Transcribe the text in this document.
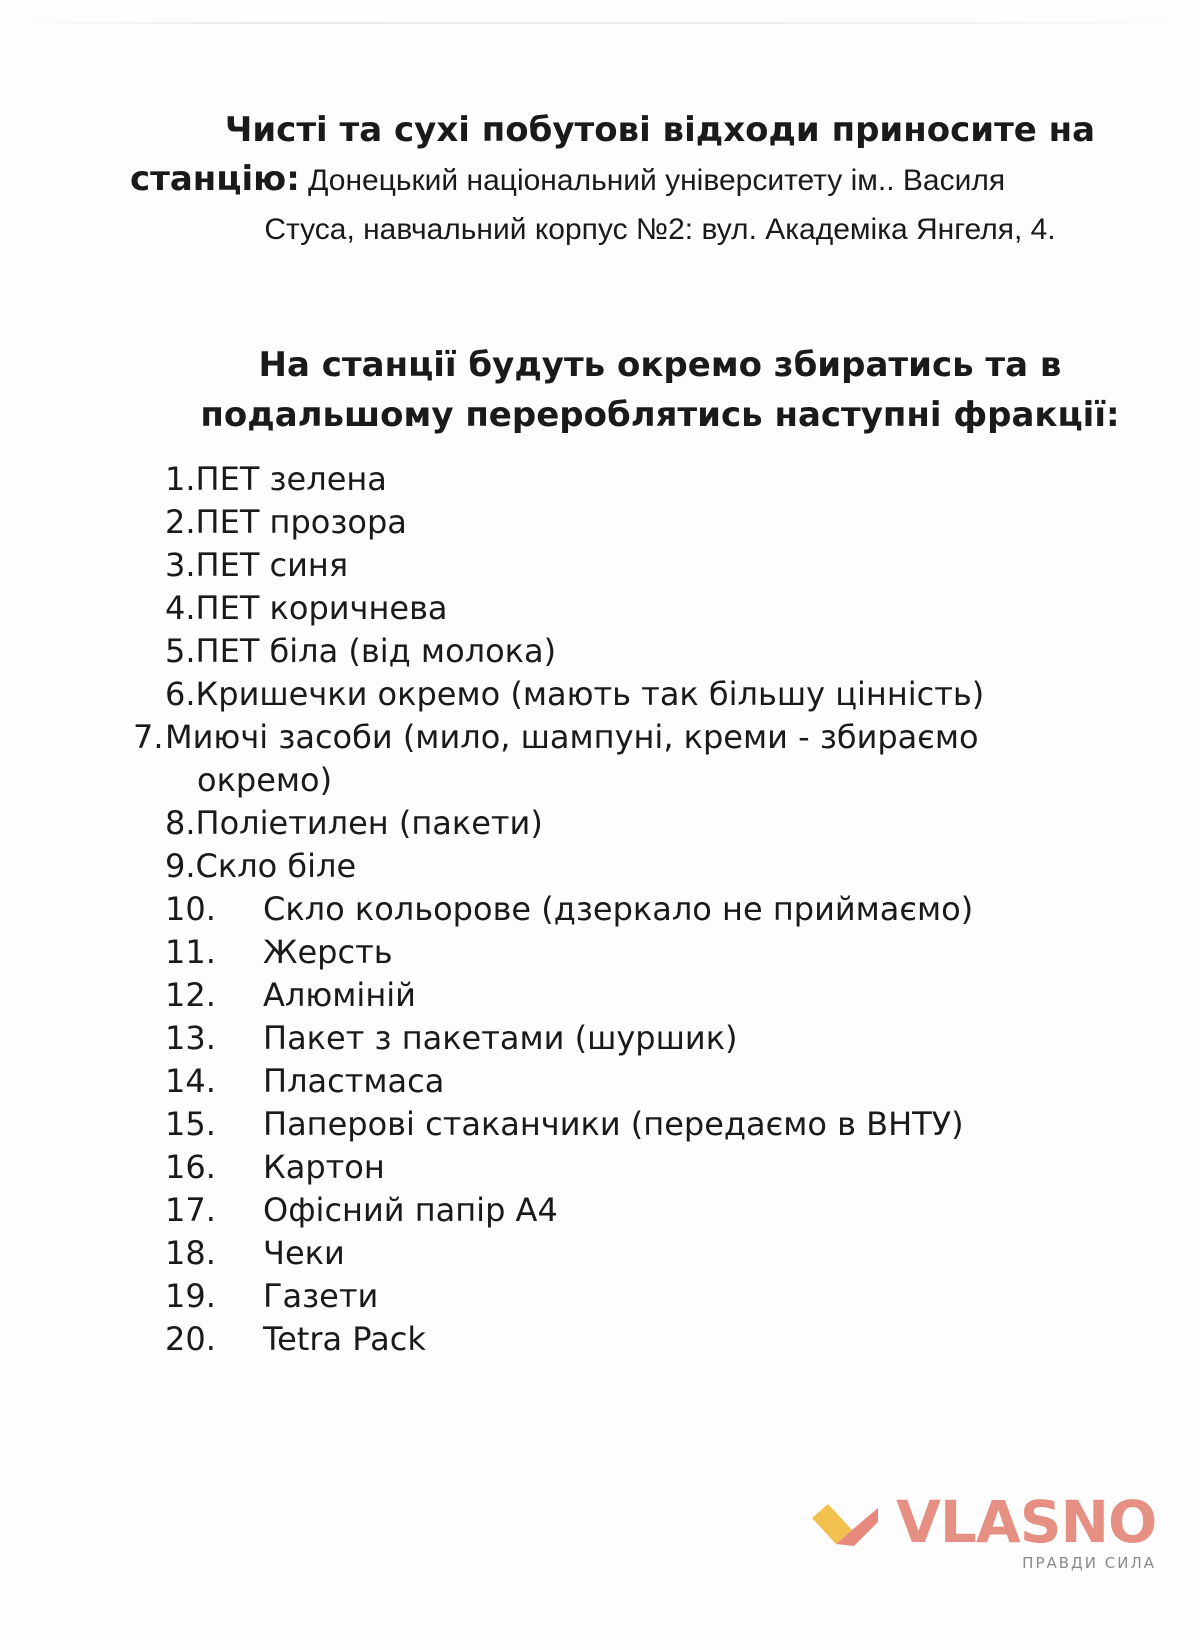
Чисті та сухі побутові відходи приносите на
станцію: Донецький національний університету ім.. Василя
Стуса, навчальний корпус №2: вул. Академіка Янгеля, 4.
На станції будуть окремо збиратись та в
подальшому перероблятись наступні фракції:
1.ПЕТ зелена
2.ПЕТ прозора
3.ПЕТ синя
4.ПЕТ коричнева
5.ПЕТ біла (від молока)
6.Кришечки окремо (мають так більшу цінність)
7.Миючі засоби (мило, шампуні, креми - збираємо окремо)
8.Поліетилен (пакети)
9.Скло біле
10.	Скло кольорове (дзеркало не приймаємо)
11.	Жерсть
12.	Алюміній
13.	Пакет з пакетами (шуршик)
14.	Пластмаса
15.	Паперові стаканчики (передаємо в ВНТУ)
16.	Картон
17.	Офісний папір А4
18.	Чеки
19.	Газети
20.	Tetra Pack
VLASNO
ПРАВДИ СИЛА
